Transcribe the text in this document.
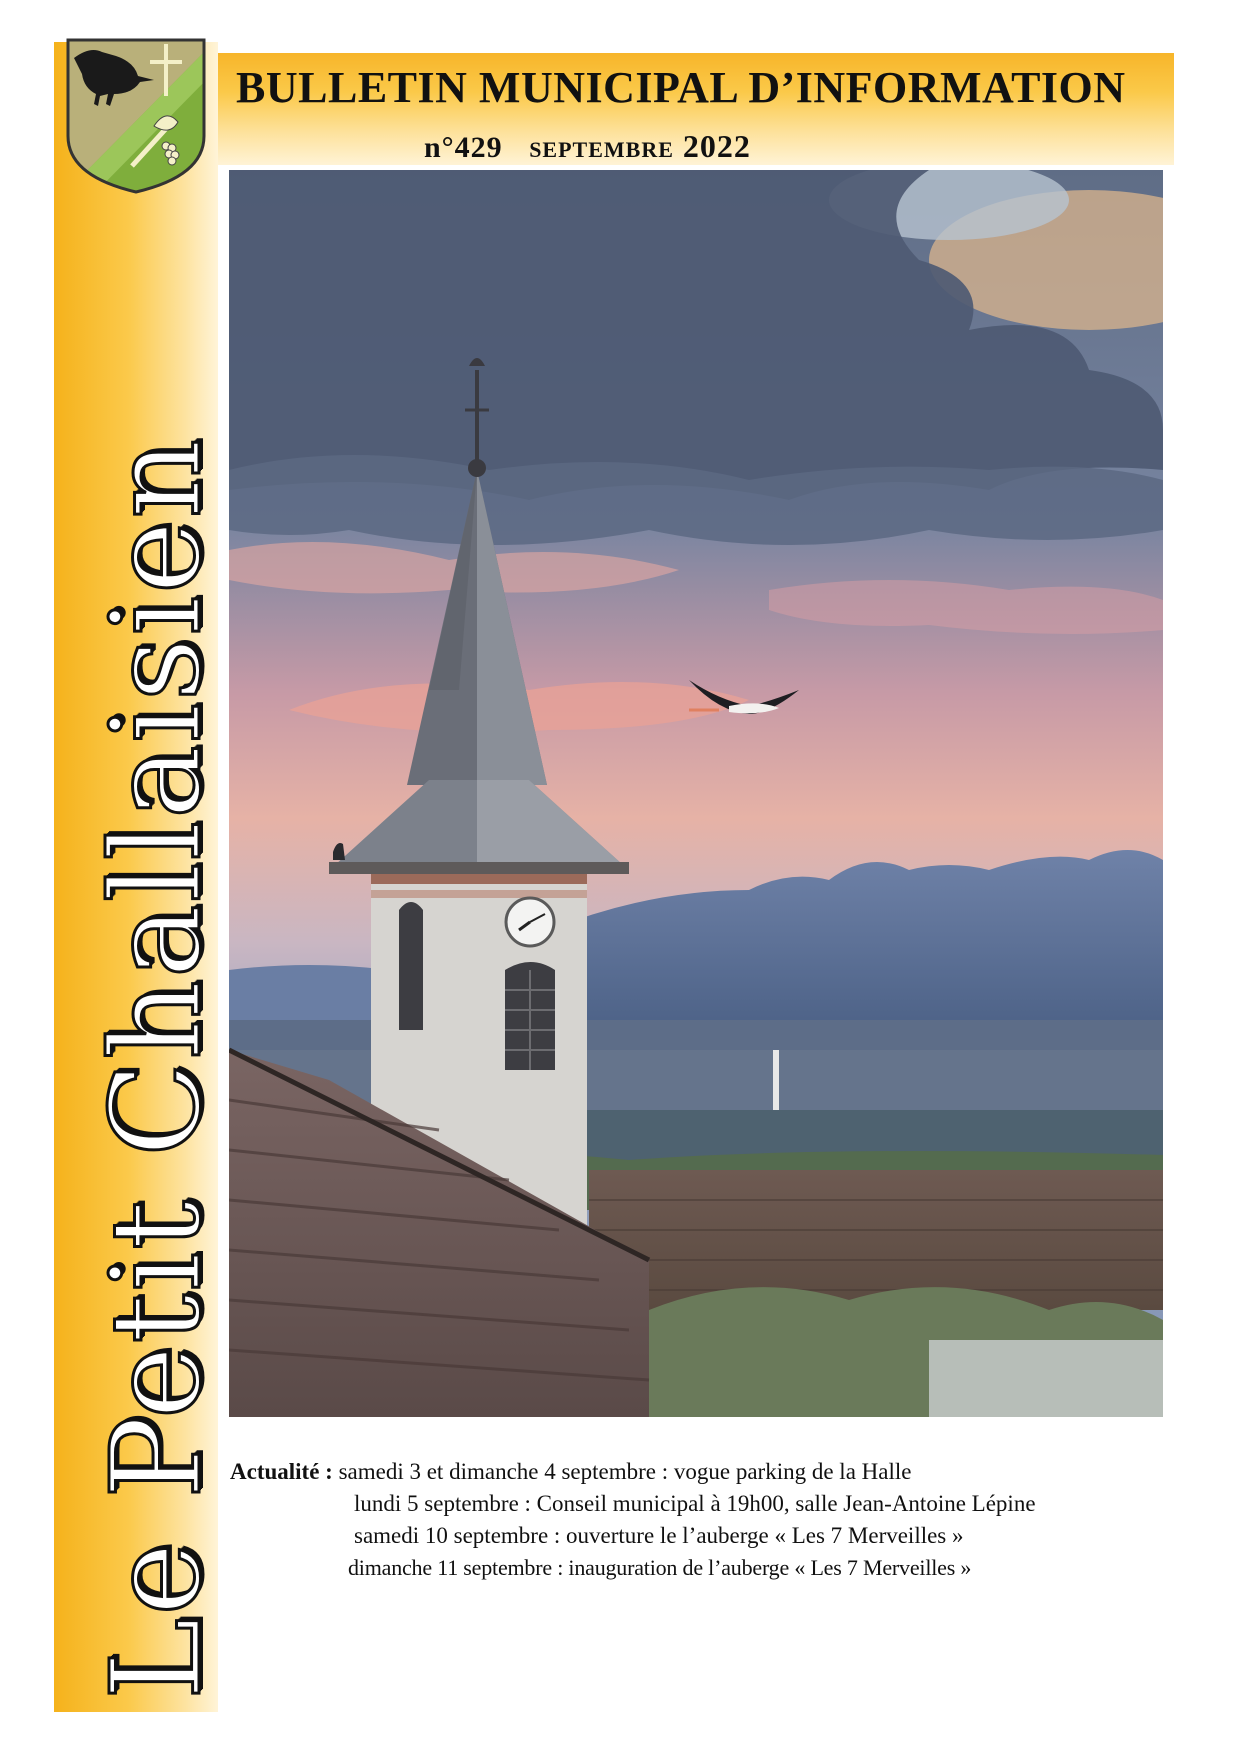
Le Petit Challaisien
BULLETIN MUNICIPAL D’INFORMATION
n°429 septembre 2022
Actualité : samedi 3 et dimanche 4 septembre : vogue parking de la Halle
lundi 5 septembre : Conseil municipal à 19h00, salle Jean-Antoine Lépine
samedi 10 septembre : ouverture le l’auberge « Les 7 Merveilles »
dimanche 11 septembre : inauguration de l’auberge « Les 7 Merveilles »
